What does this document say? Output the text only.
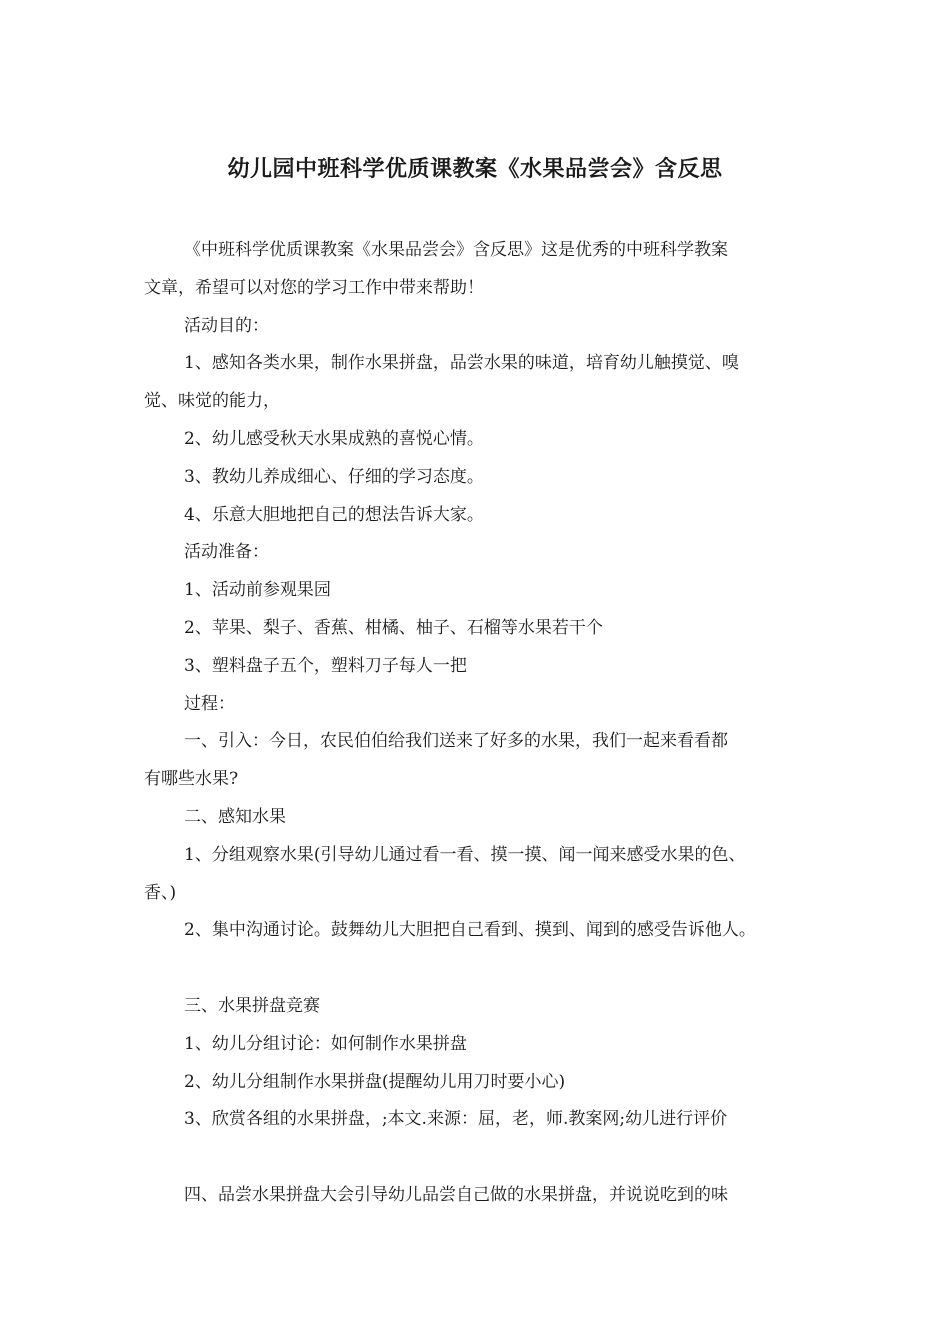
幼儿园中班科学优质课教案《水果品尝会》含反思

《中班科学优质课教案《水果品尝会》含反思》这是优秀的中班科学教案

文章，希望可以对您的学习工作中带来帮助！

活动目的：

1、感知各类水果，制作水果拼盘，品尝水果的味道，培育幼儿触摸觉、嗅

觉、味觉的能力，

2、幼儿感受秋天水果成熟的喜悦心情。

3、教幼儿养成细心、仔细的学习态度。

4、乐意大胆地把自己的想法告诉大家。

活动准备：

1、活动前参观果园

2、苹果、梨子、香蕉、柑橘、柚子、石榴等水果若干个

3、塑料盘子五个，塑料刀子每人一把

过程：

一、引入：今日，农民伯伯给我们送来了好多的水果，我们一起来看看都

有哪些水果?

二、感知水果

1、分组观察水果(引导幼儿通过看一看、摸一摸、闻一闻来感受水果的色、

香、)

2、集中沟通讨论。鼓舞幼儿大胆把自己看到、摸到、闻到的感受告诉他人。

三、水果拼盘竞赛

1、幼儿分组讨论：如何制作水果拼盘

2、幼儿分组制作水果拼盘(提醒幼儿用刀时要小心)

3、欣赏各组的水果拼盘，;本文.来源：屈，老，师.教案网;幼儿进行评价

四、品尝水果拼盘大会引导幼儿品尝自己做的水果拼盘，并说说吃到的味
